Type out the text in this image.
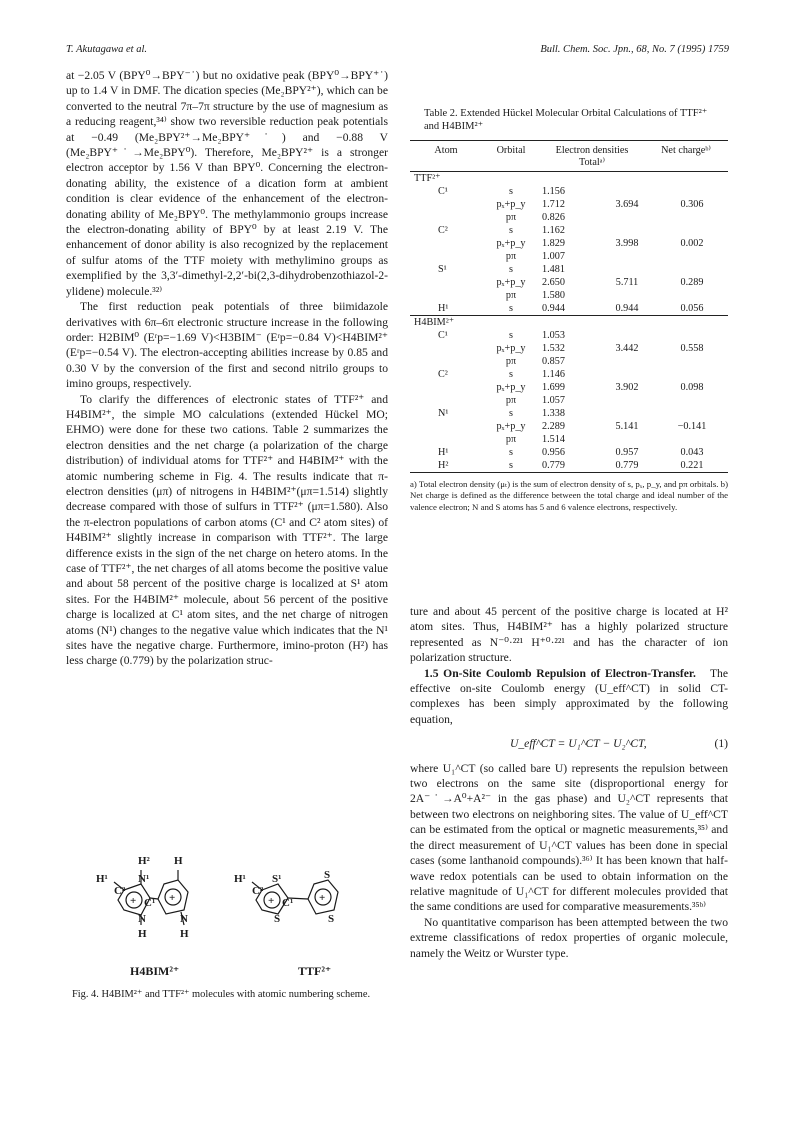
T. Akutagawa et al.	Bull. Chem. Soc. Jpn., 68, No. 7 (1995) 1759

at −2.05 V (BPY⁰→BPY⁻˙) but no oxidative peak (BPY⁰→BPY⁺˙) up to 1.4 V in DMF. The dication species (Me₂BPY²⁺), which can be converted to the neutral 7π–7π structure by the use of magnesium as a reducing reagent,³⁴⁾ show two reversible reduction peak potentials at −0.49 (Me₂BPY²⁺→Me₂BPY⁺˙) and −0.88 V (Me₂BPY⁺˙→Me₂BPY⁰). Therefore, Me₂BPY²⁺ is a stronger electron acceptor by 1.56 V than BPY⁰. Concerning the electron-donating ability, the existence of a dication form at ambient condition is clear evidence of the enhancement of the electron-donating ability of Me₂BPY⁰. The methylammonio groups increase the electron-donating ability of BPY⁰ by at least 2.19 V. The enhancement of donor ability is also recognized by the replacement of sulfur atoms of the TTF moiety with methylimino groups as exemplified by the 3,3′-dimethyl-2,2′-bi(2,3-dihydrobenzothiazol-2-ylidene) molecule.³²⁾

The first reduction peak potentials of three biimidazole derivatives with 6π–6π electronic structure increase in the following order: H2BIM⁰ (Eʳp=−1.69 V)<H3BIM⁻ (Eʳp=−0.84 V)<H4BIM²⁺ (Eʳp=−0.54 V). The electron-accepting abilities increase by 0.85 and 0.30 V by the conversion of the first and second nitrilo groups to imino groups, respectively.

To clarify the differences of electronic states of TTF²⁺ and H4BIM²⁺, the simple MO calculations (extended Hückel MO; EHMO) were done for these two cations. Table 2 summarizes the electron densities and the net charge (a polarization of the charge distribution) of individual atoms for TTF²⁺ and H4BIM²⁺ with the atomic numbering scheme in Fig. 4. The results indicate that π-electron densities (μπ) of nitrogens in H4BIM²⁺(μπ=1.514) slightly decrease compared with those of sulfurs in TTF²⁺ (μπ=1.580). Also the π-electron populations of carbon atoms (C¹ and C² atom sites) of H4BIM²⁺ slightly increase in comparison with TTF²⁺. The large difference exists in the sign of the net charge on hetero atoms. In the case of TTF²⁺, the net charges of all atoms become the positive value and about 58 percent of the positive charge is localized at S¹ atom sites. For the H4BIM²⁺ molecule, about 56 percent of the positive charge is localized at C¹ atom sites, and the net charge of nitrogen atoms (N¹) changes to the negative value which indicates that the N¹ sites have the negative charge. Furthermore, imino-proton (H²) has less charge (0.779) by the polarization struc-

Table 2. Extended Hückel Molecular Orbital Calculations of TTF²⁺ and H4BIM²⁺
Atom	Orbital	Electron densities
Totalᵃ⁾
Net chargeᵇ⁾
TTF²⁺
C¹	s	1.156
pₓ+p_y	1.712	3.694	0.306
pπ	0.826
C²	s	1.162
pₓ+p_y	1.829	3.998	0.002
pπ	1.007
S¹	s	1.481
pₓ+p_y	2.650	5.711	0.289
pπ	1.580
H¹	s	0.944	0.944	0.056
H4BIM²⁺
C¹	s	1.053
pₓ+p_y	1.532	3.442	0.558
pπ	0.857
C²	s	1.146
pₓ+p_y	1.699	3.902	0.098
pπ	1.057
N¹	s	1.338
pₓ+p_y	2.289	5.141	−0.141
pπ	1.514
H¹	s	0.956	0.957	0.043
H²	s	0.779	0.779	0.221
a) Total electron density (μₜ) is the sum of electron density of s, pₓ, p_y, and pπ orbitals. b) Net charge is defined as the difference between the total charge and ideal number of the valence electron; N and S atoms has 5 and 6 valence electrons, respectively.
H² H
H¹
C²
N¹
C¹
+	+
N	N
H	H
H¹
C²
S¹
C¹
+	+
S
S
S
H4BIM²⁺	TTF²⁺
Fig. 4. H4BIM²⁺ and TTF²⁺ molecules with atomic numbering scheme.

ture and about 45 percent of the positive charge is located at H² atom sites. Thus, H4BIM²⁺ has a highly polarized structure represented as N⁻⁰·²²¹ H⁺⁰·²²¹ and has the character of ion polarization structure.

1.5 On-Site Coulomb Repulsion of Electron-Transfer. The effective on-site Coulomb energy (U_eff^CT) in solid CT-complexes has been simply approximated by the following equation,

U_eff^CT = U₁^CT − U₂^CT,	(1)

where U₁^CT (so called bare U) represents the repulsion between two electrons on the same site (disproportional energy for 2A⁻˙→A⁰+A²⁻ in the gas phase) and U₂^CT represents that between two electrons on neighboring sites. The value of U_eff^CT can be estimated from the optical or magnetic measurements,³⁵⁾ and the direct measurement of U₁^CT values has been done in special cases (some lanthanoid compounds).³⁶⁾ It has been known that half-wave redox potentials can be used to obtain information on the relative magnitude of U₁^CT for different molecules provided that the same conditions are used for comparative measurements.³⁵ᵇ⁾

No quantitative comparison has been attempted between the two extreme classifications of redox properties of organic molecule, namely the Weitz or Wurster type.
